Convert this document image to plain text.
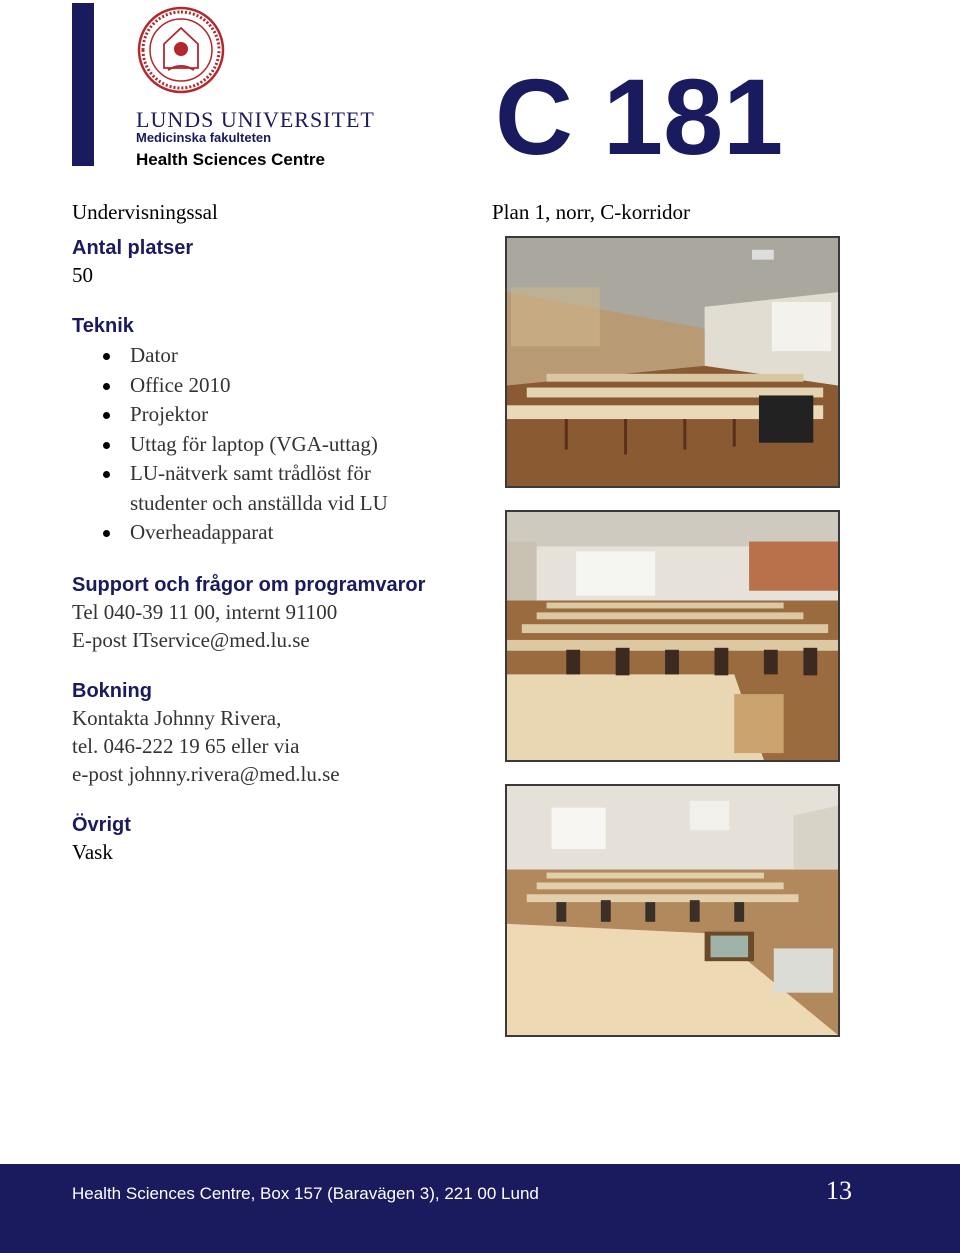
LUNDS UNIVERSITET
Medicinska fakulteten
Health Sciences Centre C 181
Undervisningssal	Plan 1, norr, C-korridor

Antal platser

50

Teknik

Dator
Office 2010
Projektor
Uttag för laptop (VGA-uttag)
LU-nätverk samt trådlöst för
studenter och anställda vid LU
Overheadapparat

Support och frågor om programvaror

Tel 040-39 11 00, internt 91100

E-post ITservice@med.lu.se

Bokning

Kontakta Johnny Rivera,

tel. 046-222 19 65 eller via

e-post johnny.rivera@med.lu.se

Övrigt

Vask

Health Sciences Centre, Box 157 (Baravägen 3), 221 00 Lund	13
